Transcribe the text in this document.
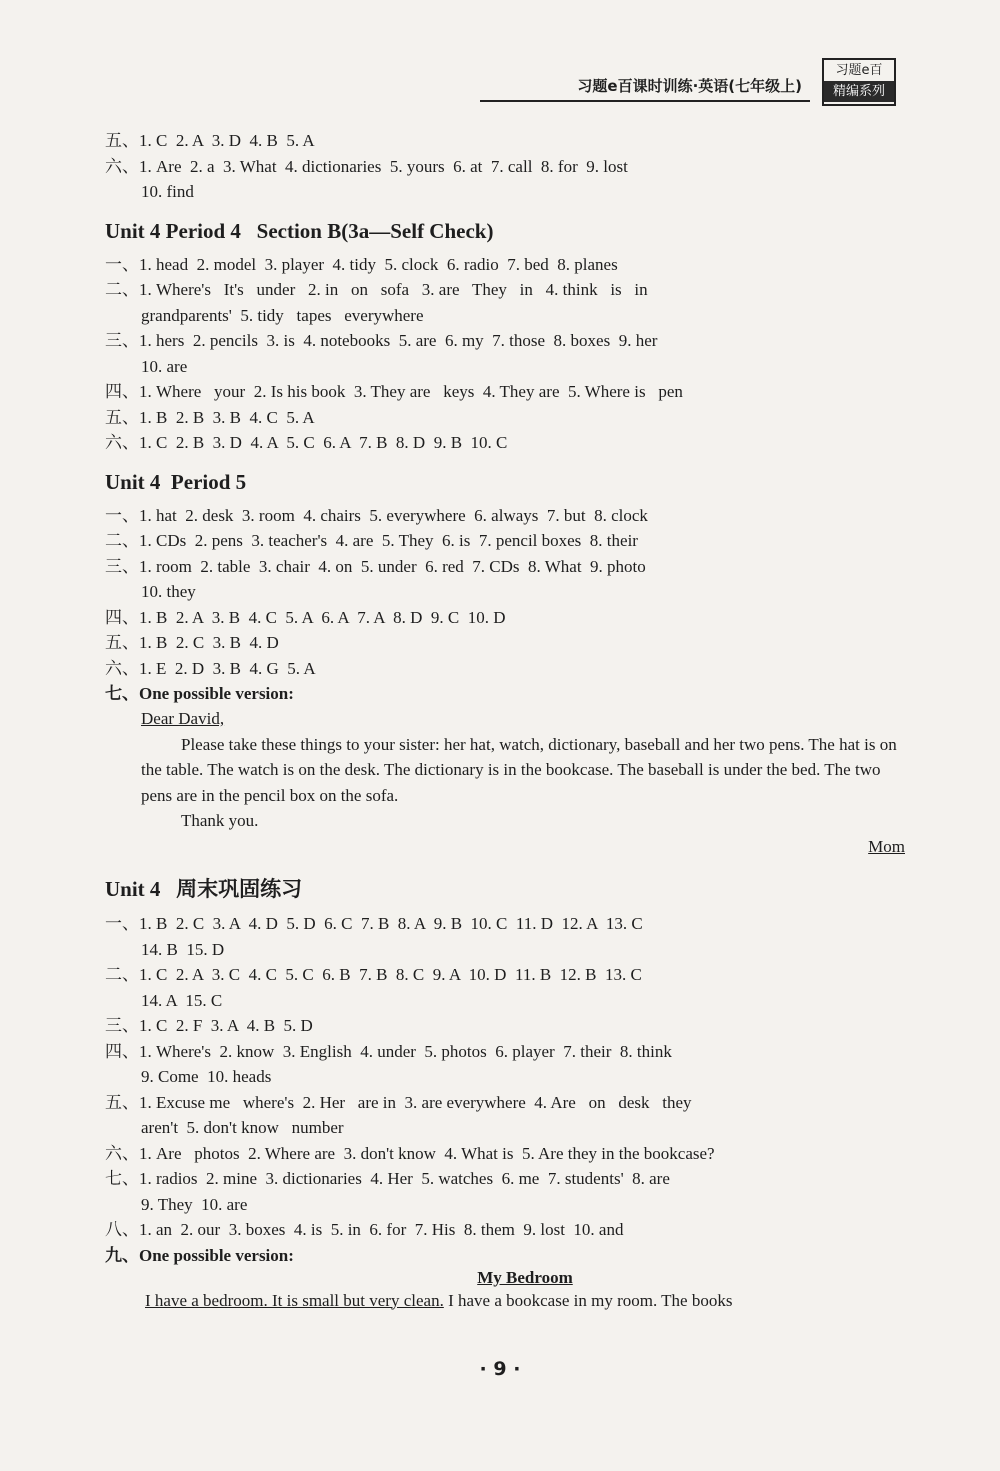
习题e百课时训练·英语(七年级上)
习题e百
精编系列
五、1. C  2. A  3. D  4. B  5. A
六、1. Are  2. a  3. What  4. dictionaries  5. yours  6. at  7. call  8. for  9. lost
10. find
Unit 4 Period 4   Section B(3a—Self Check)
一、1. head  2. model  3. player  4. tidy  5. clock  6. radio  7. bed  8. planes
二、1. Where's   It's   under   2. in   on   sofa   3. are   They   in   4. think   is   in
grandparents'  5. tidy   tapes   everywhere
三、1. hers  2. pencils  3. is  4. notebooks  5. are  6. my  7. those  8. boxes  9. her
10. are
四、1. Where   your  2. Is his book  3. They are   keys  4. They are  5. Where is   pen
五、1. B  2. B  3. B  4. C  5. A
六、1. C  2. B  3. D  4. A  5. C  6. A  7. B  8. D  9. B  10. C
Unit 4  Period 5
一、1. hat  2. desk  3. room  4. chairs  5. everywhere  6. always  7. but  8. clock
二、1. CDs  2. pens  3. teacher's  4. are  5. They  6. is  7. pencil boxes  8. their
三、1. room  2. table  3. chair  4. on  5. under  6. red  7. CDs  8. What  9. photo
10. they
四、1. B  2. A  3. B  4. C  5. A  6. A  7. A  8. D  9. C  10. D
五、1. B  2. C  3. B  4. D
六、1. E  2. D  3. B  4. G  5. A
七、One possible version:

Dear David,

Please take these things to your sister: her hat, watch, dictionary, baseball and her two pens. The hat is on the table. The watch is on the desk. The dictionary is in the bookcase. The baseball is under the bed. The two pens are in the pencil box on the sofa.

Thank you.

Mom

Unit 4   周末巩固练习
一、1. B  2. C  3. A  4. D  5. D  6. C  7. B  8. A  9. B  10. C  11. D  12. A  13. C
14. B  15. D
二、1. C  2. A  3. C  4. C  5. C  6. B  7. B  8. C  9. A  10. D  11. B  12. B  13. C
14. A  15. C
三、1. C  2. F  3. A  4. B  5. D
四、1. Where's  2. know  3. English  4. under  5. photos  6. player  7. their  8. think
9. Come  10. heads
五、1. Excuse me   where's  2. Her   are in  3. are everywhere  4. Are   on   desk   they
aren't  5. don't know   number
六、1. Are   photos  2. Where are  3. don't know  4. What is  5. Are they in the bookcase?
七、1. radios  2. mine  3. dictionaries  4. Her  5. watches  6. me  7. students'  8. are
9. They  10. are
八、1. an  2. our  3. boxes  4. is  5. in  6. for  7. His  8. them  9. lost  10. and
九、One possible version:
My Bedroom
I have a bedroom. It is small but very clean. I have a bookcase in my room. The books
· 9 ·
